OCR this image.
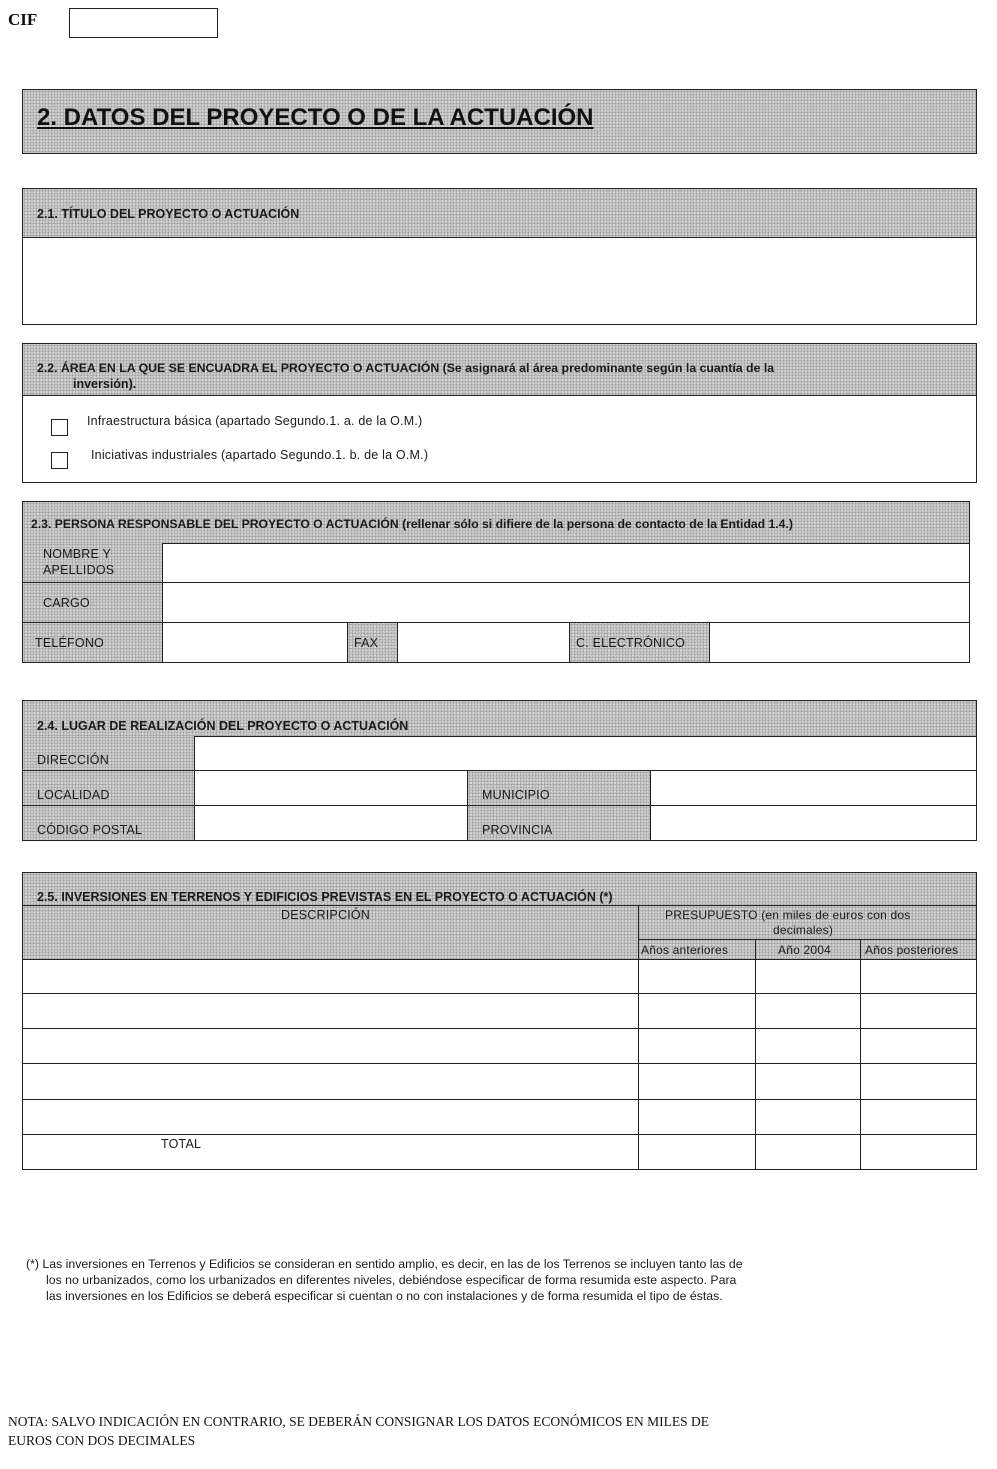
CIF
2. DATOS DEL PROYECTO O DE LA ACTUACIÓN
2.1. TÍTULO DEL PROYECTO O ACTUACIÓN
2.2. ÁREA EN LA QUE SE ENCUADRA EL PROYECTO O ACTUACIÓN (Se asignará al área predominante según la cuantía de la
inversión).
Infraestructura básica (apartado Segundo.1. a. de la O.M.)
Iniciativas industriales (apartado Segundo.1. b. de la O.M.)
2.3. PERSONA RESPONSABLE DEL PROYECTO O ACTUACIÓN (rellenar sólo si difiere de la persona de contacto de la Entidad 1.4.)
NOMBRE Y
APELLIDOS
CARGO
TELÉFONO	FAX	C. ELECTRÓNICO
2.4. LUGAR DE REALIZACIÓN DEL PROYECTO O ACTUACIÓN
DIRECCIÓN
LOCALIDAD	MUNICIPIO
CÓDIGO POSTAL	PROVINCIA
2.5. INVERSIONES EN TERRENOS Y EDIFICIOS PREVISTAS EN EL PROYECTO O ACTUACIÓN (*)
DESCRIPCIÓN	PRESUPUESTO (en miles de euros con dos
decimales)
Años anteriores	Año 2004	Años posteriores
TOTAL
(*) Las inversiones en Terrenos y Edificios se consideran en sentido amplio, es decir, en las de los Terrenos se incluyen tanto las de
los no urbanizados, como los urbanizados en diferentes niveles, debiéndose especificar de forma resumida este aspecto. Para
las inversiones en los Edificios se deberá especificar si cuentan o no con instalaciones y de forma resumida el tipo de éstas.
NOTA: SALVO INDICACIÓN EN CONTRARIO, SE DEBERÁN CONSIGNAR LOS DATOS ECONÓMICOS EN MILES DE
EUROS CON DOS DECIMALES
